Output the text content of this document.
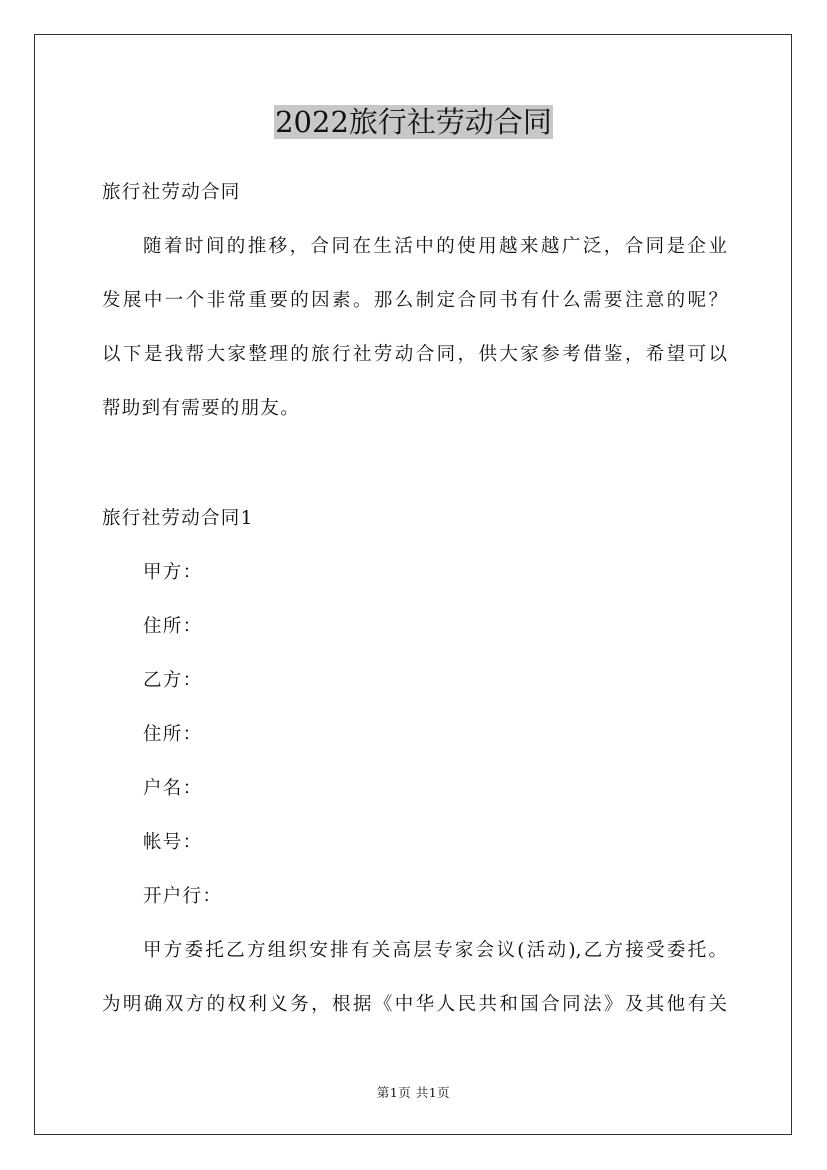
2022旅行社劳动合同
旅行社劳动合同
随着时间的推移，合同在生活中的使用越来越广泛，合同是企业
发展中一个非常重要的因素。那么制定合同书有什么需要注意的呢？
以下是我帮大家整理的旅行社劳动合同，供大家参考借鉴，希望可以
帮助到有需要的朋友。
旅行社劳动合同1
甲方：
住所：
乙方：
住所：
户名：
帐号：
开户行：
甲方委托乙方组织安排有关高层专家会议(活动),乙方接受委托。
为明确双方的权利义务，根据《中华人民共和国合同法》及其他有关
第1页 共1页
